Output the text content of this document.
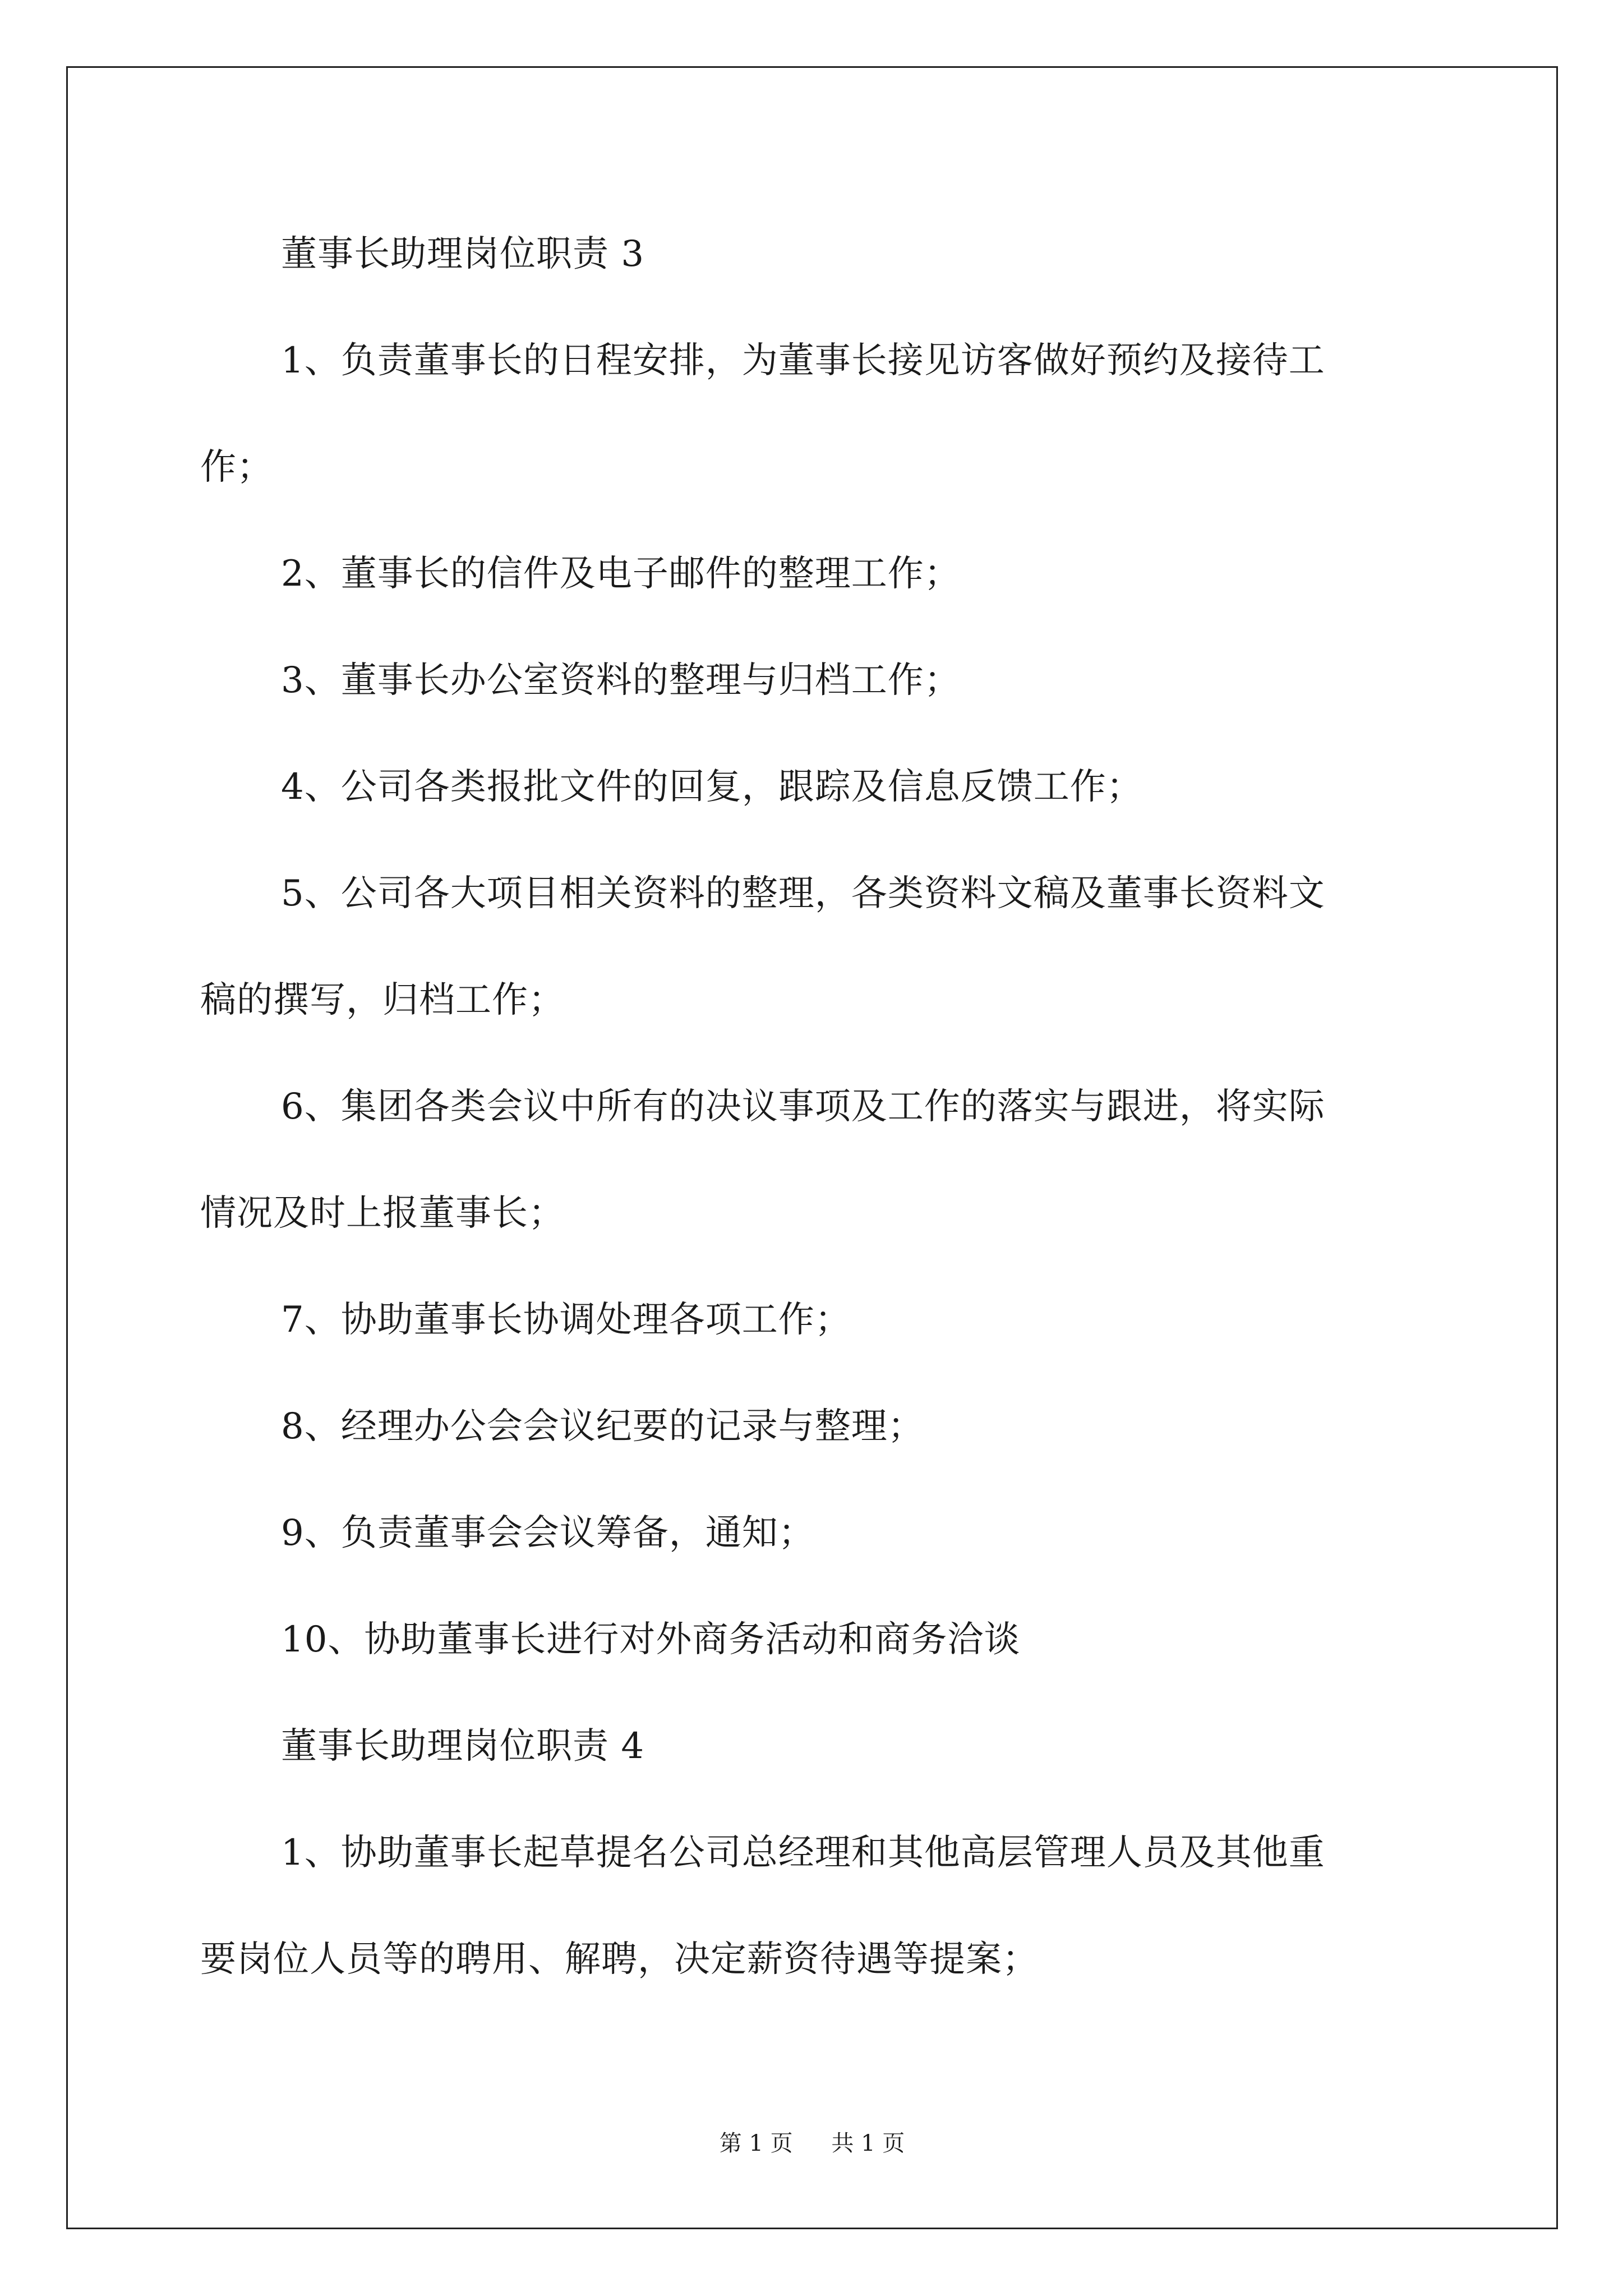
董事长助理岗位职责 3
1、负责董事长的日程安排，为董事长接见访客做好预约及接待工
作；
2、董事长的信件及电子邮件的整理工作；
3、董事长办公室资料的整理与归档工作；
4、公司各类报批文件的回复，跟踪及信息反馈工作；
5、公司各大项目相关资料的整理，各类资料文稿及董事长资料文
稿的撰写，归档工作；
6、集团各类会议中所有的决议事项及工作的落实与跟进，将实际
情况及时上报董事长；
7、协助董事长协调处理各项工作；
8、经理办公会会议纪要的记录与整理；
9、负责董事会会议筹备，通知；
10、协助董事长进行对外商务活动和商务洽谈
董事长助理岗位职责 4
1、协助董事长起草提名公司总经理和其他高层管理人员及其他重
要岗位人员等的聘用、解聘，决定薪资待遇等提案；
第 1 页 共 1 页
